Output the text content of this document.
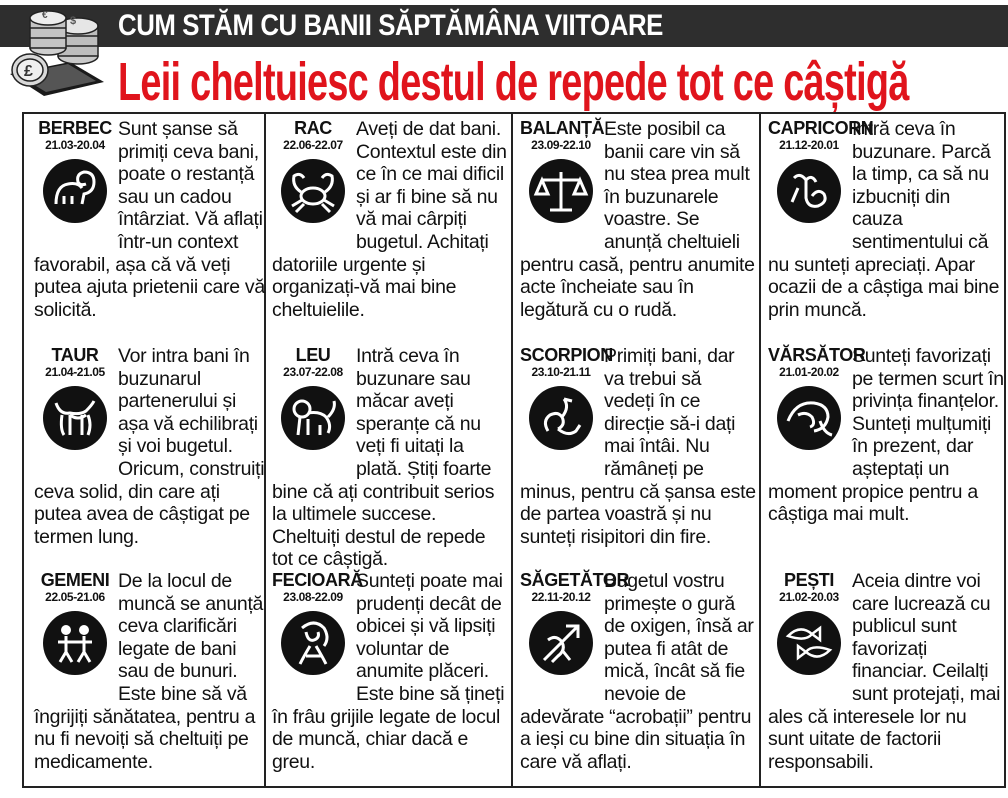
CUM STĂM CU BANII SĂPTĂMÂNA VIITOARE
£
$
€
Leii cheltuiesc destul de repede tot ce câștigă
BERBEC
21.03-20.04
Sunt șanse să primiți ceva bani, poate o restanță sau un cadou întârziat. Vă aflați într-un context favorabil, așa că vă veți putea ajuta prietenii care vă solicită.
RAC
22.06-22.07
Aveți de dat bani. Contextul este din ce în ce mai dificil și ar fi bine să nu vă mai cârpiți bugetul. Achitați datoriile urgente și organizați-vă mai bine cheltuielile.
BALANȚĂ
23.09-22.10
Este posibil ca banii care vin să nu stea prea mult în buzunarele voastre. Se anunță cheltuieli pentru casă, pentru anumite acte încheiate sau în legătură cu o rudă.
CAPRICORN
21.12-20.01
Intră ceva în buzunare. Parcă la timp, ca să nu izbucniți din cauza sentimentului că nu sunteți apreciați. Apar ocazii de a câștiga mai bine prin muncă.
TAUR
21.04-21.05
Vor intra bani în buzunarul partenerului și așa vă echilibrați și voi bugetul. Oricum, construiți ceva solid, din care ați putea avea de câștigat pe termen lung.
LEU
23.07-22.08
Intră ceva în buzunare sau măcar aveți speranțe că nu veți fi uitați la plată. Știți foarte bine că ați contribuit serios la ultimele succese. Cheltuiți destul de repede tot ce câștigă.
SCORPION
23.10-21.11
Primiți bani, dar va trebui să vedeți în ce direcție să-i dați mai întâi. Nu rămâneți pe minus, pentru că șansa este de partea voastră și nu sunteți risipitori din fire.
VĂRSĂTOR
21.01-20.02
Sunteți favorizați pe termen scurt în privința finanțelor. Sunteți mulțumiți în prezent, dar așteptați un moment propice pentru a câștiga mai mult.
GEMENI
22.05-21.06
De la locul de muncă se anunță ceva clarificări legate de bani sau de bunuri. Este bine să vă îngrijiți sănătatea, pentru a nu fi nevoiți să cheltuiți pe medicamente.
FECIOARĂ
23.08-22.09
Sunteți poate mai prudenți decât de obicei și vă lipsiți voluntar de anumite plăceri. Este bine să țineți în frâu grijile legate de locul de muncă, chiar dacă e greu.
SĂGETĂTOR
22.11-20.12
Bugetul vostru primește o gură de oxigen, însă ar putea fi atât de mică, încât să fie nevoie de adevărate “acrobații” pentru a ieși cu bine din situația în care vă aflați.
PEȘTI
21.02-20.03
Aceia dintre voi care lucrează cu publicul sunt favorizați financiar. Ceilalți sunt protejați, mai ales că interesele lor nu sunt uitate de factorii responsabili.
